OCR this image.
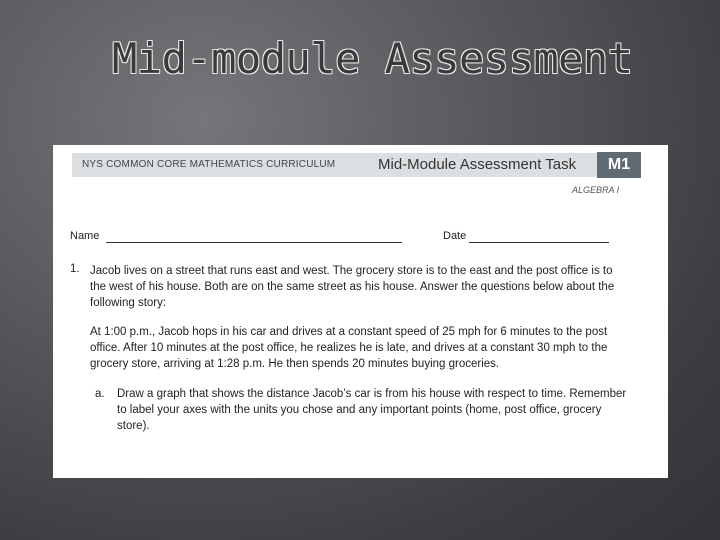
Mid-module Assessment
NYS COMMON CORE MATHEMATICS CURRICULUM	Mid-Module Assessment Task	M1
ALGEBRA I
Name	Date
1. Jacob lives on a street that runs east and west. The grocery store is to the east and the post office is to
the west of his house. Both are on the same street as his house. Answer the questions below about the
following story:
At 1:00 p.m., Jacob hops in his car and drives at a constant speed of 25 mph for 6 minutes to the post
office. After 10 minutes at the post office, he realizes he is late, and drives at a constant 30 mph to the
grocery store, arriving at 1:28 p.m. He then spends 20 minutes buying groceries.
a. Draw a graph that shows the distance Jacob’s car is from his house with respect to time. Remember
to label your axes with the units you chose and any important points (home, post office, grocery
store).
